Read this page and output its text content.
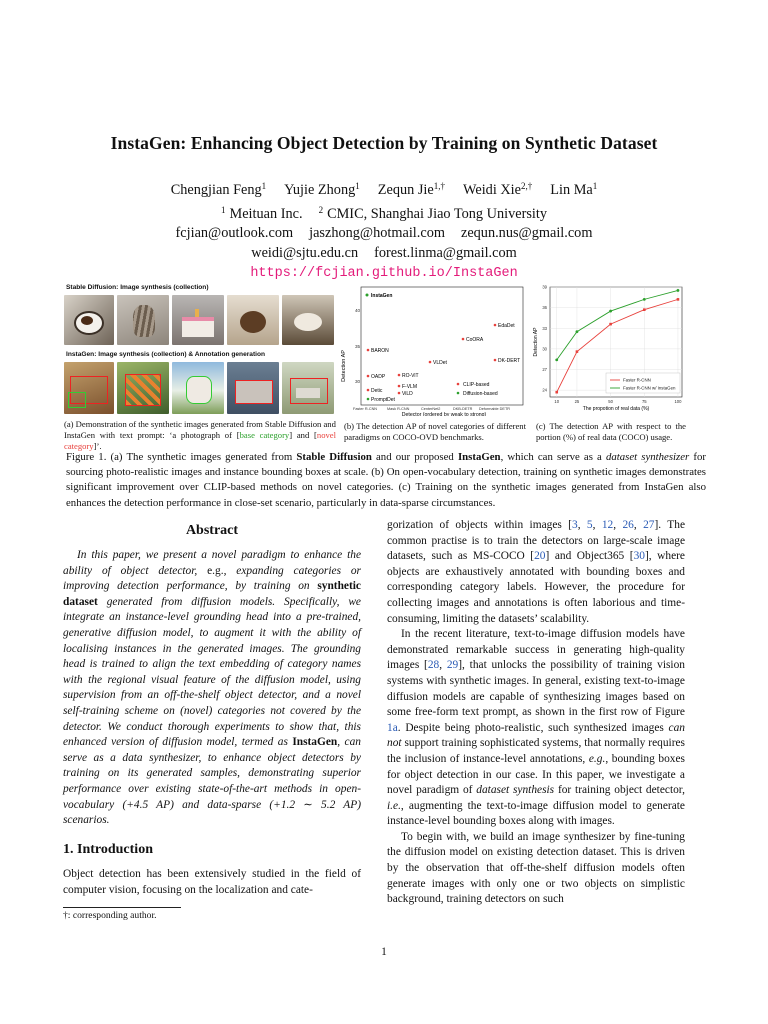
InstaGen: Enhancing Object Detection by Training on Synthetic Dataset
Chengjian Feng$^1$ Yujie Zhong$^1$ Zequn Jie$^{1,\dagger}$ Weidi Xie$^{2,\dagger}$ Lin Ma$^1$
$^1$ Meituan Inc. $^2$ CMIC, Shanghai Jiao Tong University
fcjian@outlook.com jaszhong@hotmail.com zequn.nus@gmail.com
weidi@sjtu.edu.cn forest.linma@gmail.com
https://fcjian.github.io/InstaGen
Stable Diffusion: Image synthesis (collection)
InstaGen: Image synthesis (collection) & Annotation generation
(a) Demonstration of the synthetic images generated from Stable Diffusion and
InstaGen with text prompt: ‘a photograph of [base category] and [novel category]’.
Detection AP
40
35
30
InstaGen
EdaDet
CoORA
BARON
VLDet	DK-DERT
OADP	RO-ViT
Detic
F-VLM
ViLD
PromptDet
CLIP-based
Diffusion-based
Faster R-CNN	Mask R-CNN	CenterNet2	DKB-DETR Deformable DETR
Detector (ordered by weak to strong)
(b) The detection AP of novel categories of different paradigms on COCO-OVD benchmarks.
24
27
30
33
36
39
10	25	50	75	100
Faster R-CNN
Faster R-CNN w/ InstaGen
Detection AP
The propotion of real data (%)
(c) The detection AP with respect to the portion (%) of real data (COCO) usage.
Figure 1. (a) The synthetic images generated from Stable Diffusion and our proposed InstaGen, which can serve as a dataset synthesizer for sourcing photo-realistic images and instance bounding boxes at scale. (b) On open-vocabulary detection, training on synthetic images demonstrates significant improvement over CLIP-based methods on novel categories. (c) Training on the synthetic images generated from InstaGen also enhances the detection performance in close-set scenario, particularly in data-sparse circumstances.
Abstract
In this paper, we present a novel paradigm to enhance the ability of object detector, e.g., expanding categories or improving detection performance, by training on synthetic dataset generated from diffusion models. Specifically, we integrate an instance-level grounding head into a pre-trained, generative diffusion model, to augment it with the ability of localising instances in the generated images. The grounding head is trained to align the text embedding of category names with the regional visual feature of the diffusion model, using supervision from an off-the-shelf object detector, and a novel self-training scheme on (novel) categories not covered by the detector. We conduct thorough experiments to show that, this enhanced version of diffusion model, termed as InstaGen, can serve as a data synthesizer, to enhance object detectors by training on its generated samples, demonstrating superior performance over existing state-of-the-art methods in open-vocabulary (+4.5 AP) and data-sparse (+1.2 ∼ 5.2 AP) scenarios.
1. Introduction
Object detection has been extensively studied in the field of computer vision, focusing on the localization and cate-
†: corresponding author.
gorization of objects within images [3, 5, 12, 26, 27]. The common practise is to train the detectors on large-scale image datasets, such as MS-COCO [20] and Object365 [30], where objects are exhaustively annotated with bounding boxes and corresponding category labels. However, the procedure for collecting images and annotations is often laborious and time-consuming, limiting the datasets’ scalability.
In the recent literature, text-to-image diffusion models have demonstrated remarkable success in generating high-quality images [28, 29], that unlocks the possibility of training vision systems with synthetic images. In general, existing text-to-image diffusion models are capable of synthesizing images based on some free-form text prompt, as shown in the first row of Figure 1a. Despite being photo-realistic, such synthesized images can not support training sophisticated systems, that normally requires the inclusion of instance-level annotations, e.g., bounding boxes for object detection in our case. In this paper, we investigate a novel paradigm of dataset synthesis for training object detector, i.e., augmenting the text-to-image diffusion model to generate instance-level bounding boxes along with images.
To begin with, we build an image synthesizer by fine-tuning the diffusion model on existing detection dataset. This is driven by the observation that off-the-shelf diffusion models often generate images with only one or two objects on simplistic background, training detectors on such
1
